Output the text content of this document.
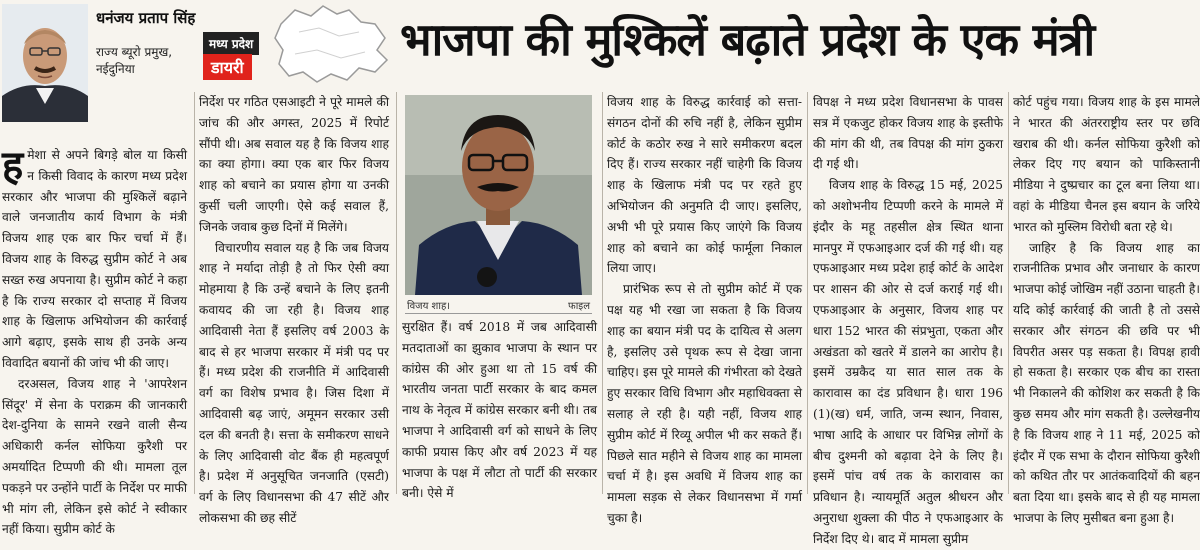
धनंजय प्रताप सिंह
राज्य ब्यूरो प्रमुख,
नईदुनिया
मध्य प्रदेश
डायरी
भाजपा की मुश्किलें बढ़ाते प्रदेश के एक मंत्री

हमेशा से अपने बिगड़े बोल या किसी न किसी विवाद के कारण मध्य प्रदेश सरकार और भाजपा की मुश्किलें बढ़ाने वाले जनजातीय कार्य विभाग के मंत्री विजय शाह एक बार फिर चर्चा में हैं। विजय शाह के विरुद्ध सुप्रीम कोर्ट ने अब सख्त रुख अपनाया है। सुप्रीम कोर्ट ने कहा है कि राज्य सरकार दो सप्ताह में विजय शाह के खिलाफ अभियोजन की कार्रवाई आगे बढ़ाए, इसके साथ ही उनके अन्य विवादित बयानों की जांच भी की जाए।

दरअसल, विजय शाह ने 'आपरेशन सिंदूर' में सेना के पराक्रम की जानकारी देश-दुनिया के सामने रखने वाली सैन्य अधिकारी कर्नल सोफिया कुरैशी पर अमर्यादित टिप्पणी की थी। मामला तूल पकड़ने पर उन्होंने पार्टी के निर्देश पर माफी भी मांग ली, लेकिन इसे कोर्ट ने स्वीकार नहीं किया। सुप्रीम कोर्ट के

निर्देश पर गठित एसआइटी ने पूरे मामले की जांच की और अगस्त, 2025 में रिपोर्ट सौंपी थी। अब सवाल यह है कि विजय शाह का क्या होगा। क्या एक बार फिर विजय शाह को बचाने का प्रयास होगा या उनकी कुर्सी चली जाएगी। ऐसे कई सवाल हैं, जिनके जवाब कुछ दिनों में मिलेंगे।

विचारणीय सवाल यह है कि जब विजय शाह ने मर्यादा तोड़ी है तो फिर ऐसी क्या मोहमाया है कि उन्हें बचाने के लिए इतनी कवायद की जा रही है। विजय शाह आदिवासी नेता हैं इसलिए वर्ष 2003 के बाद से हर भाजपा सरकार में मंत्री पद पर हैं। मध्य प्रदेश की राजनीति में आदिवासी वर्ग का विशेष प्रभाव है। जिस दिशा में आदिवासी बढ़ जाएं, अमूमन सरकार उसी दल की बनती है। सत्ता के समीकरण साधने के लिए आदिवासी वोट बैंक ही महत्वपूर्ण है। प्रदेश में अनुसूचित जनजाति (एसटी) वर्ग के लिए विधानसभा की 47 सीटें और लोकसभा की छह सीटें

विजय शाह।	फाइल

सुरक्षित हैं। वर्ष 2018 में जब आदिवासी मतदाताओं का झुकाव भाजपा के स्थान पर कांग्रेस की ओर हुआ था तो 15 वर्ष की भारतीय जनता पार्टी सरकार के बाद कमल नाथ के नेतृत्व में कांग्रेस सरकार बनी थी। तब भाजपा ने आदिवासी वर्ग को साधने के लिए काफी प्रयास किए और वर्ष 2023 में यह भाजपा के पक्ष में लौटा तो पार्टी की सरकार बनी। ऐसे में

विजय शाह के विरुद्ध कार्रवाई को सत्ता-संगठन दोनों की रुचि नहीं है, लेकिन सुप्रीम कोर्ट के कठोर रुख ने सारे समीकरण बदल दिए हैं। राज्य सरकार नहीं चाहेगी कि विजय शाह के खिलाफ मंत्री पद पर रहते हुए अभियोजन की अनुमति दी जाए। इसलिए, अभी भी पूरे प्रयास किए जाएंगे कि विजय शाह को बचाने का कोई फार्मूला निकाल लिया जाए।

प्रारंभिक रूप से तो सुप्रीम कोर्ट में एक पक्ष यह भी रखा जा सकता है कि विजय शाह का बयान मंत्री पद के दायित्व से अलग है, इसलिए उसे पृथक रूप से देखा जाना चाहिए। इस पूरे मामले की गंभीरता को देखते हुए सरकार विधि विभाग और महाधिवक्ता से सलाह ले रही है। यही नहीं, विजय शाह सुप्रीम कोर्ट में रिव्यू अपील भी कर सकते हैं। पिछले सात महीने से विजय शाह का मामला चर्चा में है। इस अवधि में विजय शाह का मामला सड़क से लेकर विधानसभा में गर्मा चुका है।

विपक्ष ने मध्य प्रदेश विधानसभा के पावस सत्र में एकजुट होकर विजय शाह के इस्तीफे की मांग की थी, तब विपक्ष की मांग ठुकरा दी गई थी।

विजय शाह के विरुद्ध 15 मई, 2025 को अशोभनीय टिप्पणी करने के मामले में इंदौर के महू तहसील क्षेत्र स्थित थाना मानपुर में एफआइआर दर्ज की गई थी। यह एफआइआर मध्य प्रदेश हाई कोर्ट के आदेश पर शासन की ओर से दर्ज कराई गई थी। एफआइआर के अनुसार, विजय शाह पर धारा 152 भारत की संप्रभुता, एकता और अखंडता को खतरे में डालने का आरोप है। इसमें उम्रकैद या सात साल तक के कारावास का दंड प्रविधान है। धारा 196 (1)(ख) धर्म, जाति, जन्म स्थान, निवास, भाषा आदि के आधार पर विभिन्न लोगों के बीच दुश्मनी को बढ़ावा देने के लिए है। इसमें पांच वर्ष तक के कारावास का प्रविधान है। न्यायमूर्ति अतुल श्रीधरन और अनुराधा शुक्ला की पीठ ने एफआइआर के निर्देश दिए थे। बाद में मामला सुप्रीम

कोर्ट पहुंच गया। विजय शाह के इस मामले ने भारत की अंतरराष्ट्रीय स्तर पर छवि खराब की थी। कर्नल सोफिया कुरैशी को लेकर दिए गए बयान को पाकिस्तानी मीडिया ने दुष्प्रचार का टूल बना लिया था। वहां के मीडिया चैनल इस बयान के जरिये भारत को मुस्लिम विरोधी बता रहे थे।

जाहिर है कि विजय शाह का राजनीतिक प्रभाव और जनाधार के कारण भाजपा कोई जोखिम नहीं उठाना चाहती है। यदि कोई कार्रवाई की जाती है तो उससे सरकार और संगठन की छवि पर भी विपरीत असर पड़ सकता है। विपक्ष हावी हो सकता है। सरकार एक बीच का रास्ता भी निकालने की कोशिश कर सकती है कि कुछ समय और मांग सकती है। उल्लेखनीय है कि विजय शाह ने 11 मई, 2025 को इंदौर में एक सभा के दौरान सोफिया कुरैशी को कथित तौर पर आतंकवादियों की बहन बता दिया था। इसके बाद से ही यह मामला भाजपा के लिए मुसीबत बना हुआ है।
